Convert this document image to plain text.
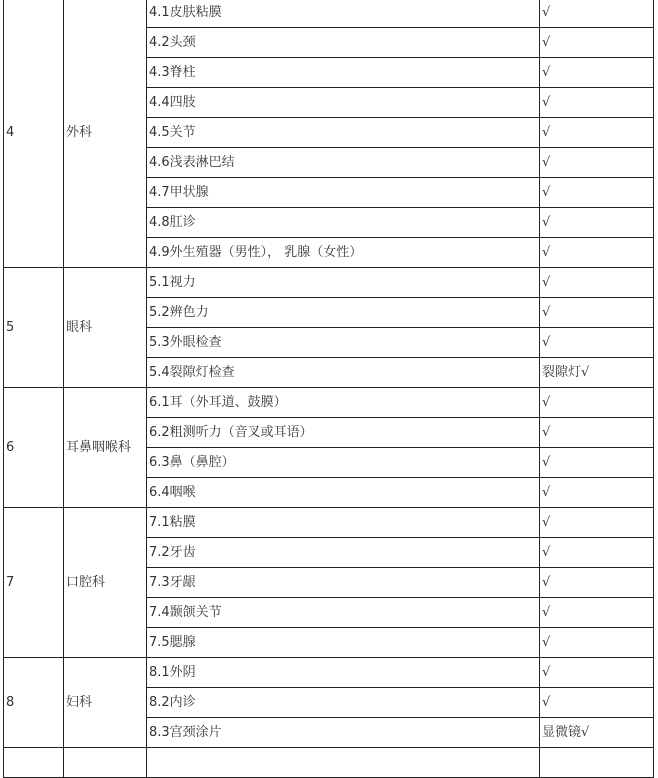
4	外科	4.1皮肤粘膜	√
		4.2头颈	√
		4.3脊柱	√
		4.4四肢	√
		4.5关节	√
		4.6浅表淋巴结	√
		4.7甲状腺	√
		4.8肛诊	√
		4.9外生殖器（男性）， 乳腺（女性）	√
5	眼科	5.1视力	√
		5.2辨色力	√
		5.3外眼检查	√
		5.4裂隙灯检查	裂隙灯√
6	耳鼻咽喉科	6.1耳（外耳道、鼓膜）	√
		6.2粗测听力（音叉或耳语）	√
		6.3鼻（鼻腔）	√
		6.4咽喉	√
7	口腔科	7.1粘膜	√
		7.2牙齿	√
		7.3牙龈	√
		7.4颞颌关节	√
		7.5腮腺	√
8	妇科	8.1外阴	√
		8.2内诊	√
		8.3宫颈涂片	显微镜√
